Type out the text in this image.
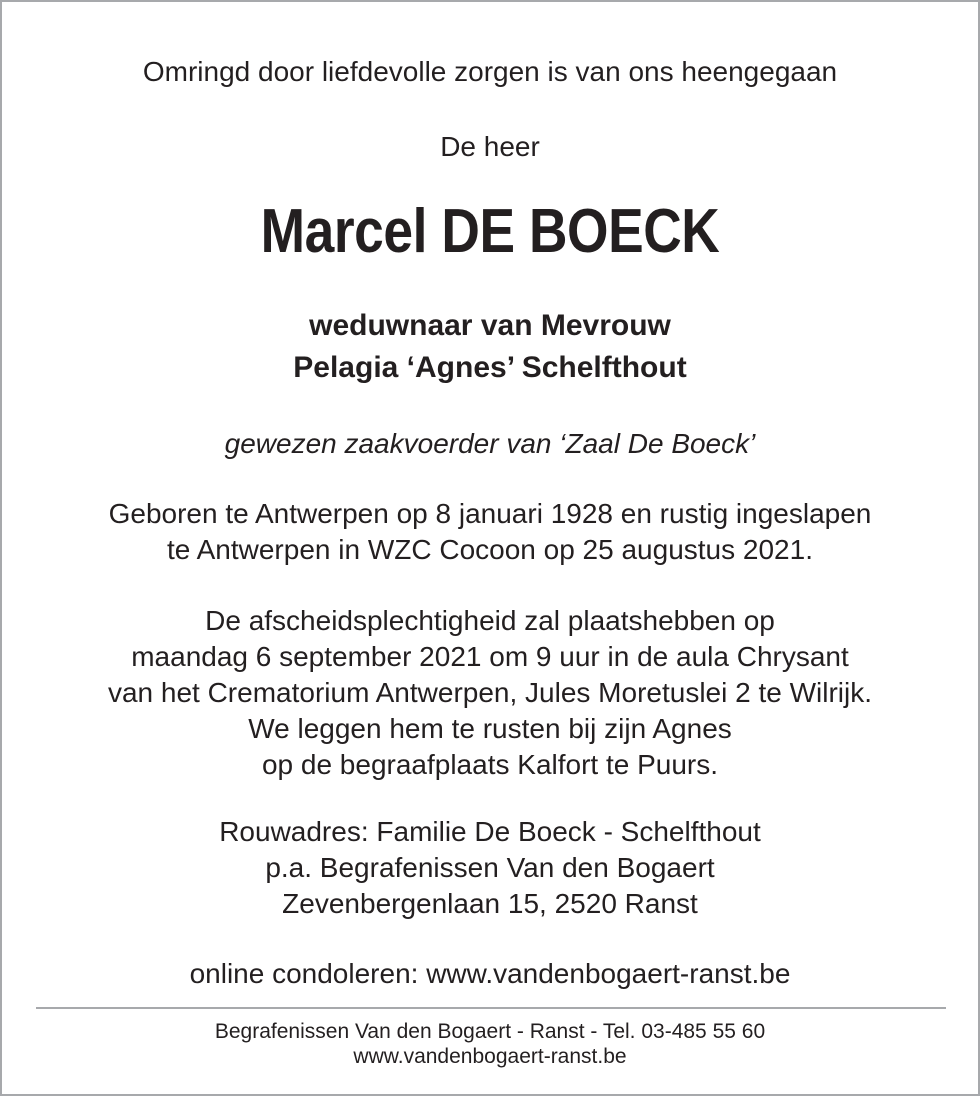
Omringd door liefdevolle zorgen is van ons heengegaan
De heer
Marcel DE BOECK
weduwnaar van Mevrouw
Pelagia ‘Agnes’ Schelfthout
gewezen zaakvoerder van ‘Zaal De Boeck’
Geboren te Antwerpen op 8 januari 1928 en rustig ingeslapen
te Antwerpen in WZC Cocoon op 25 augustus 2021.
De afscheidsplechtigheid zal plaatshebben op
maandag 6 september 2021 om 9 uur in de aula Chrysant
van het Crematorium Antwerpen, Jules Moretuslei 2 te Wilrijk.
We leggen hem te rusten bij zijn Agnes
op de begraafplaats Kalfort te Puurs.
Rouwadres: Familie De Boeck - Schelfthout
p.a. Begrafenissen Van den Bogaert
Zevenbergenlaan 15, 2520 Ranst
online condoleren: www.vandenbogaert-ranst.be
Begrafenissen Van den Bogaert - Ranst - Tel. 03-485 55 60
www.vandenbogaert-ranst.be
